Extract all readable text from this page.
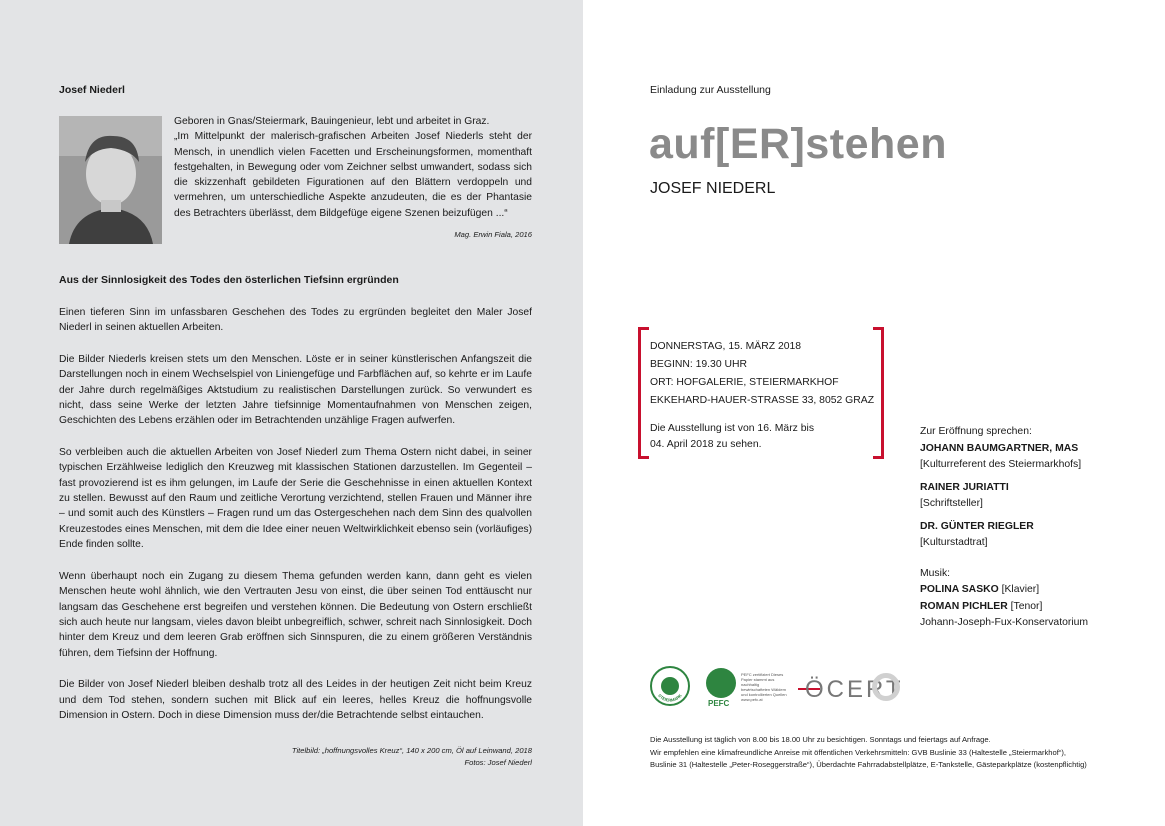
Josef Niederl
Geboren in Gnas/Steiermark, Bauingenieur, lebt und arbeitet in Graz.
„Im Mittelpunkt der malerisch-grafischen Arbeiten Josef Niederls steht der Mensch, in unendlich vielen Facetten und Erscheinungsformen, momenthaft festgehalten, in Bewegung oder vom Zeichner selbst umwandert, sodass sich die skizzenhaft gebildeten Figurationen auf den Blättern verdoppeln und vermehren, um unterschiedliche Aspekte anzudeuten, die es der Phantasie des Betrachters überlässt, dem Bildgefüge eigene Szenen beizufügen ...“
Mag. Erwin Fiala, 2016
Aus der Sinnlosigkeit des Todes den österlichen Tiefsinn ergründen

Einen tieferen Sinn im unfassbaren Geschehen des Todes zu ergründen begleitet den Maler Josef Niederl in seinen aktuellen Arbeiten.

Die Bilder Niederls kreisen stets um den Menschen. Löste er in seiner künstlerischen Anfangszeit die Darstellungen noch in einem Wechselspiel von Liniengefüge und Farbflächen auf, so kehrte er im Laufe der Jahre durch regelmäßiges Aktstudium zu realistischen Darstellungen zurück. So verwundert es nicht, dass seine Werke der letzten Jahre tiefsinnige Momentaufnahmen von Menschen zeigen, Geschichten des Lebens erzählen oder im Betrachtenden unzählige Fragen aufwerfen.

So verbleiben auch die aktuellen Arbeiten von Josef Niederl zum Thema Ostern nicht dabei, in seiner typischen Erzählweise lediglich den Kreuzweg mit klassischen Stationen darzustellen. Im Gegenteil – fast provozierend ist es ihm gelungen, im Laufe der Serie die Geschehnisse in einen aktuellen Kontext zu stellen. Bewusst auf den Raum und zeitliche Verortung verzichtend, stellen Frauen und Männer ihre – und somit auch des Künstlers – Fragen rund um das Ostergeschehen nach dem Sinn des qualvollen Kreuzestodes eines Menschen, mit dem die Idee einer neuen Weltwirklichkeit ebenso sein (vorläufiges) Ende finden sollte.

Wenn überhaupt noch ein Zugang zu diesem Thema gefunden werden kann, dann geht es vielen Menschen heute wohl ähnlich, wie den Vertrauten Jesu von einst, die über seinen Tod enttäuscht nur langsam das Geschehene erst begreifen und verstehen können. Die Bedeutung von Ostern erschließt sich auch heute nur langsam, vieles davon bleibt unbegreiflich, schwer, schreit nach Sinnlosigkeit. Doch hinter dem Kreuz und dem leeren Grab eröffnen sich Sinnspuren, die zu einem größeren Verständnis führen, dem Tiefsinn der Hoffnung.

Die Bilder von Josef Niederl bleiben deshalb trotz all des Leides in der heutigen Zeit nicht beim Kreuz und dem Tod stehen, sondern suchen mit Blick auf ein leeres, helles Kreuz die hoffnungsvolle Dimension in Ostern. Doch in diese Dimension muss der/die Betrachtende selbst eintauchen.

Titelbild: „hoffnungsvolles Kreuz“, 140 x 200 cm, Öl auf Leinwand, 2018
Fotos: Josef Niederl
Einladung zur Ausstellung
auf[ER]stehen
JOSEF NIEDERL
DONNERSTAG, 15. MÄRZ 2018
BEGINN: 19.30 UHR
ORT: HOFGALERIE, STEIERMARKHOF
EKKEHARD-HAUER-STRASSE 33, 8052 GRAZ
Die Ausstellung ist von 16. März bis
04. April 2018 zu sehen.
Zur Eröffnung sprechen:
JOHANN BAUMGARTNER, MAS
[Kulturreferent des Steiermarkhofs]
RAINER JURIATTI
[Schriftsteller]
DR. GÜNTER RIEGLER
[Kulturstadtrat]
Musik:
POLINA SASKO [Klavier]
ROMAN PICHLER [Tenor]
Johann-Joseph-Fux-Konservatorium
STEIERMARK
PEFC
PEFC zertifiziert Dieses Papier stammt aus nachhaltig bewirtschafteten Wäldern und kontrollierten Quellen www.pefc.at	ÖCERT
Die Ausstellung ist täglich von 8.00 bis 18.00 Uhr zu besichtigen. Sonntags und feiertags auf Anfrage.
Wir empfehlen eine klimafreundliche Anreise mit öffentlichen Verkehrsmitteln: GVB Buslinie 33 (Haltestelle „Steiermarkhof“),
Buslinie 31 (Haltestelle „Peter-Roseggerstraße“), Überdachte Fahrradabstellplätze, E-Tankstelle, Gästeparkplätze (kostenpflichtig)
